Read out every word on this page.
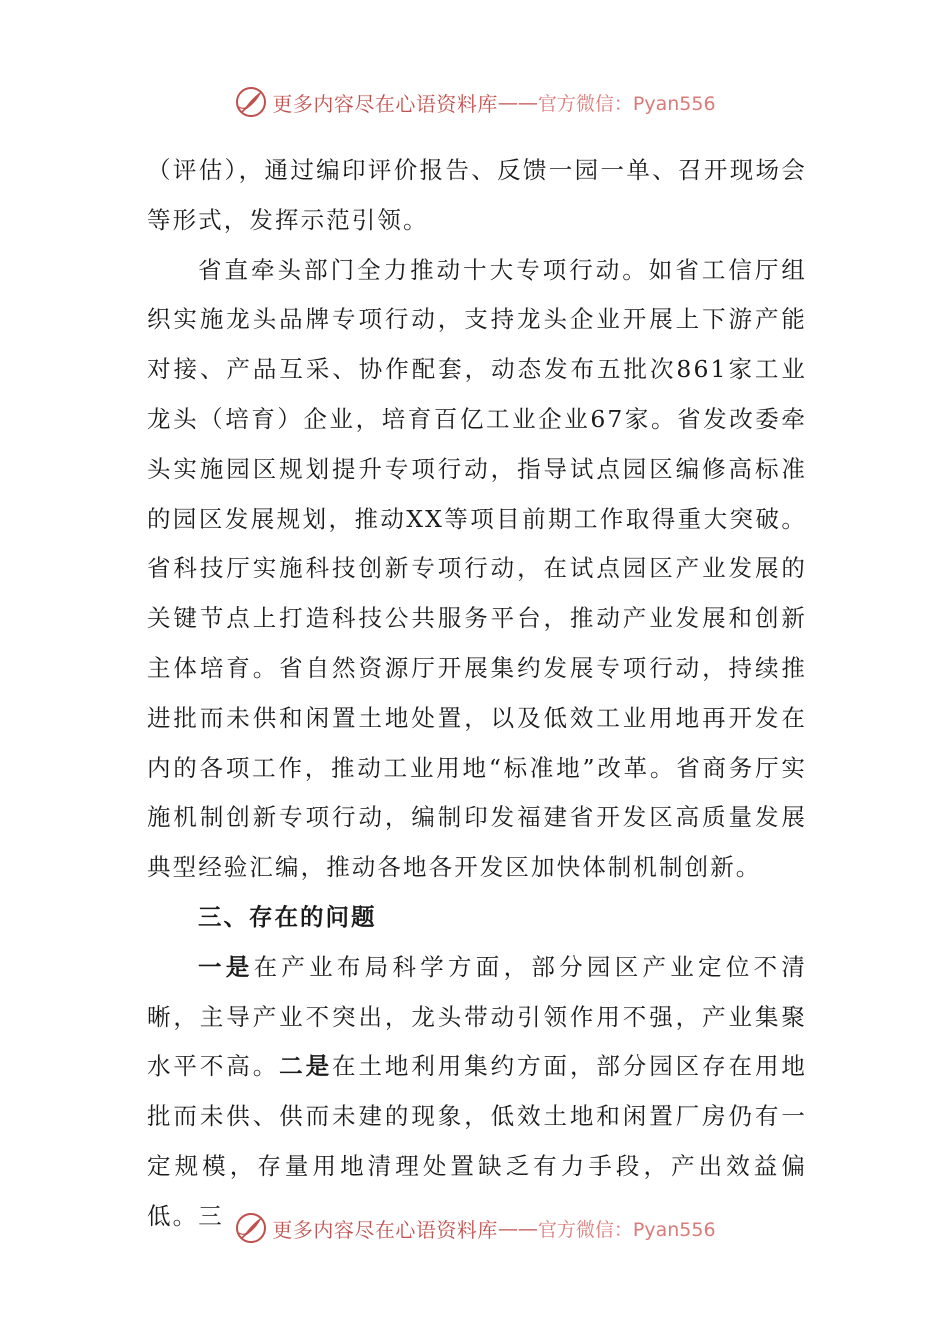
更多内容尽在心语资料库 —— 官方微信：Pyan556

（评估），通过编印评价报告、反馈一园一单、召开现场会等形式，发挥示范引领。

省直牵头部门全力推动十大专项行动。如省工信厅组织实施龙头品牌专项行动，支持龙头企业开展上下游产能对接、产品互采、协作配套，动态发布五批次861家工业龙头（培育）企业，培育百亿工业企业67家。省发改委牵头实施园区规划提升专项行动，指导试点园区编修高标准的园区发展规划，推动XX等项目前期工作取得重大突破。省科技厅实施科技创新专项行动，在试点园区产业发展的关键节点上打造科技公共服务平台，推动产业发展和创新主体培育。省自然资源厅开展集约发展专项行动，持续推进批而未供和闲置土地处置，以及低效工业用地再开发在内的各项工作，推动工业用地“标准地”改革。省商务厅实施机制创新专项行动，编制印发福建省开发区高质量发展典型经验汇编，推动各地各开发区加快体制机制创新。

三、存在的问题

一是在产业布局科学方面，部分园区产业定位不清晰，主导产业不突出，龙头带动引领作用不强，产业集聚水平不高。二是在土地利用集约方面，部分园区存在用地批而未供、供而未建的现象，低效土地和闲置厂房仍有一定规模，存量用地清理处置缺乏有力手段，产出效益偏低。三	更多内容尽在心语资料库 —— 官方微信：Pyan556
